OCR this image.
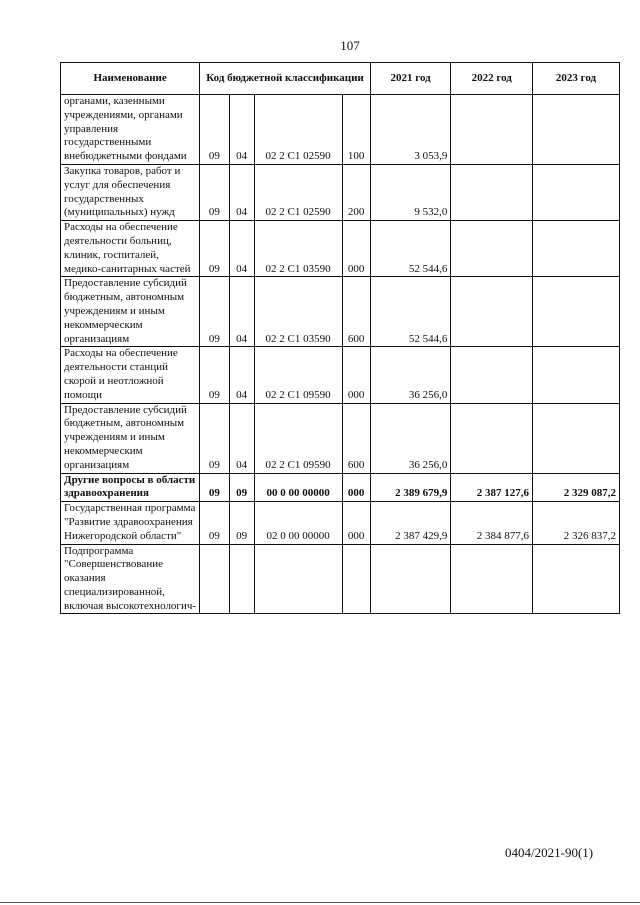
107
Наименование	Код бюджетной классификации				2021 год	2022 год	2023 год
органами, казенными учреждениями, органами управления государственными внебюджетными фондами	09	04	02 2 С1 02590	100	3 053,9		
Закупка товаров, работ и услуг для обеспечения государственных (муниципальных) нужд	09	04	02 2 С1 02590	200	9 532,0		
Расходы на обеспечение деятельности больниц, клиник, госпиталей, медико-санитарных частей	09	04	02 2 С1 03590	000	52 544,6		
Предоставление субсидий бюджетным, автономным учреждениям и иным некоммерческим организациям	09	04	02 2 С1 03590	600	52 544,6		
Расходы на обеспечение деятельности станций скорой и неотложной помощи	09	04	02 2 С1 09590	000	36 256,0		
Предоставление субсидий бюджетным, автономным учреждениям и иным некоммерческим организациям	09	04	02 2 С1 09590	600	36 256,0		
Другие вопросы в области здравоохранения	09	09	00 0 00 00000	000	2 389 679,9	2 387 127,6	2 329 087,2
Государственная программа "Развитие здравоохранения Нижегородской области"	09	09	02 0 00 00000	000	2 387 429,9	2 384 877,6	2 326 837,2
Подпрограмма "Совершенствование оказания специализированной, включая высокотехнологич-							
0404/2021-90(1)
